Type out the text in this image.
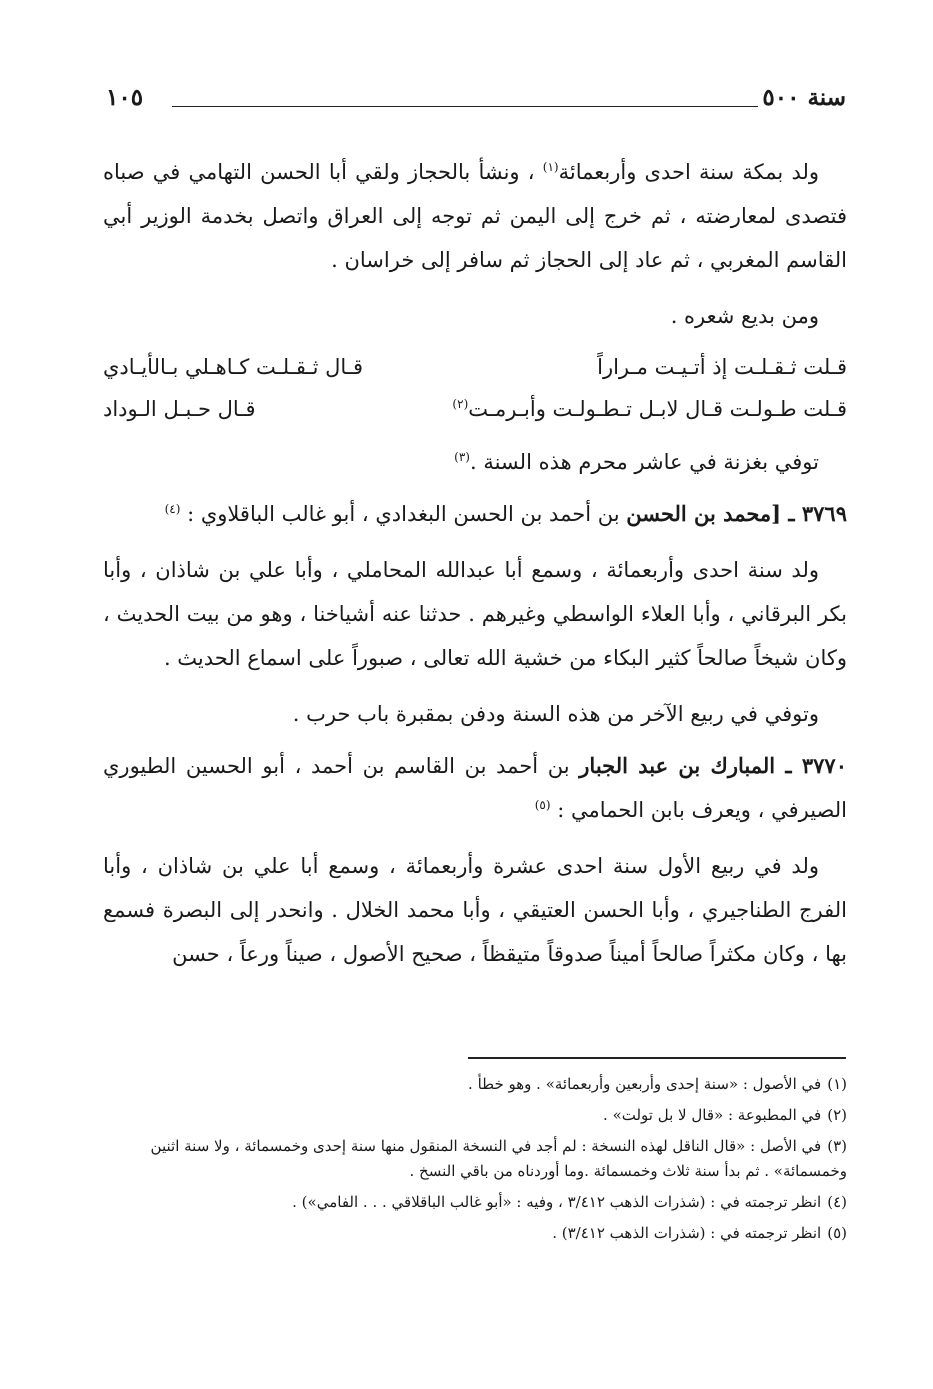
سنة ٥٠٠
١٠٥

ولد بمكة سنة احدى وأربعمائة$^{(١)}$ ، ونشأ بالحجاز ولقي أبا الحسن التهامي في صباه فتصدى لمعارضته ، ثم خرج إلى اليمن ثم توجه إلى العراق واتصل بخدمة الوزير أبي القاسم المغربي ، ثم عاد إلى الحجاز ثم سافر إلى خراسان .

ومن بديع شعره .

قـلت ثـقـلـت إذ أتـيـت مـراراً
قـال ثـقـلـت كـاهـلي بـالأيـادي
قـلت طـولـت قـال لابـل تـطـولـت وأبـرمـت$^{(٢)}$
قـال حـبـل الـوداد

توفي بغزنة في عاشر محرم هذه السنة .$^{(٣)}$

٣٧٦٩ ـ [محمد بن الحسن بن أحمد بن الحسن البغدادي ، أبو غالب الباقلاوي : $^{(٤)}$

ولد سنة احدى وأربعمائة ، وسمع أبا عبدالله المحاملي ، وأبا علي بن شاذان ، وأبا بكر البرقاني ، وأبا العلاء الواسطي وغيرهم . حدثنا عنه أشياخنا ، وهو من بيت الحديث ، وكان شيخاً صالحاً كثير البكاء من خشية الله تعالى ، صبوراً على اسماع الحديث .

وتوفي في ربيع الآخر من هذه السنة ودفن بمقبرة باب حرب .

٣٧٧٠ ـ المبارك بن عبد الجبار بن أحمد بن القاسم بن أحمد ، أبو الحسين الطيوري الصيرفي ، ويعرف بابن الحمامي : $^{(٥)}$

ولد في ربيع الأول سنة احدى عشرة وأربعمائة ، وسمع أبا علي بن شاذان ، وأبا الفرج الطناجيري ، وأبا الحسن العتيقي ، وأبا محمد الخلال . وانحدر إلى البصرة فسمع بها ، وكان مكثراً صالحاً أميناً صدوقاً متيقظاً ، صحيح الأصول ، صيناً ورعاً ، حسن

(١)في الأصول : «سنة إحدى وأربعين وأربعمائة» . وهو خطأ .

(٢)في المطبوعة : «قال لا بل تولت» .

(٣)في الأصل : «قال الناقل لهذه النسخة : لم أجد في النسخة المنقول منها سنة إحدى وخمسمائة ، ولا سنة اثنين وخمسمائة» . ثم بدأ سنة ثلاث وخمسمائة .وما أوردناه من باقي النسخ .

(٤)انظر ترجمته في : (شذرات الذهب ٣/٤١٢ ، وفيه : «أبو غالب الباقلاقي . . . الفامي») .

(٥)انظر ترجمته في : (شذرات الذهب ٣/٤١٢) .
